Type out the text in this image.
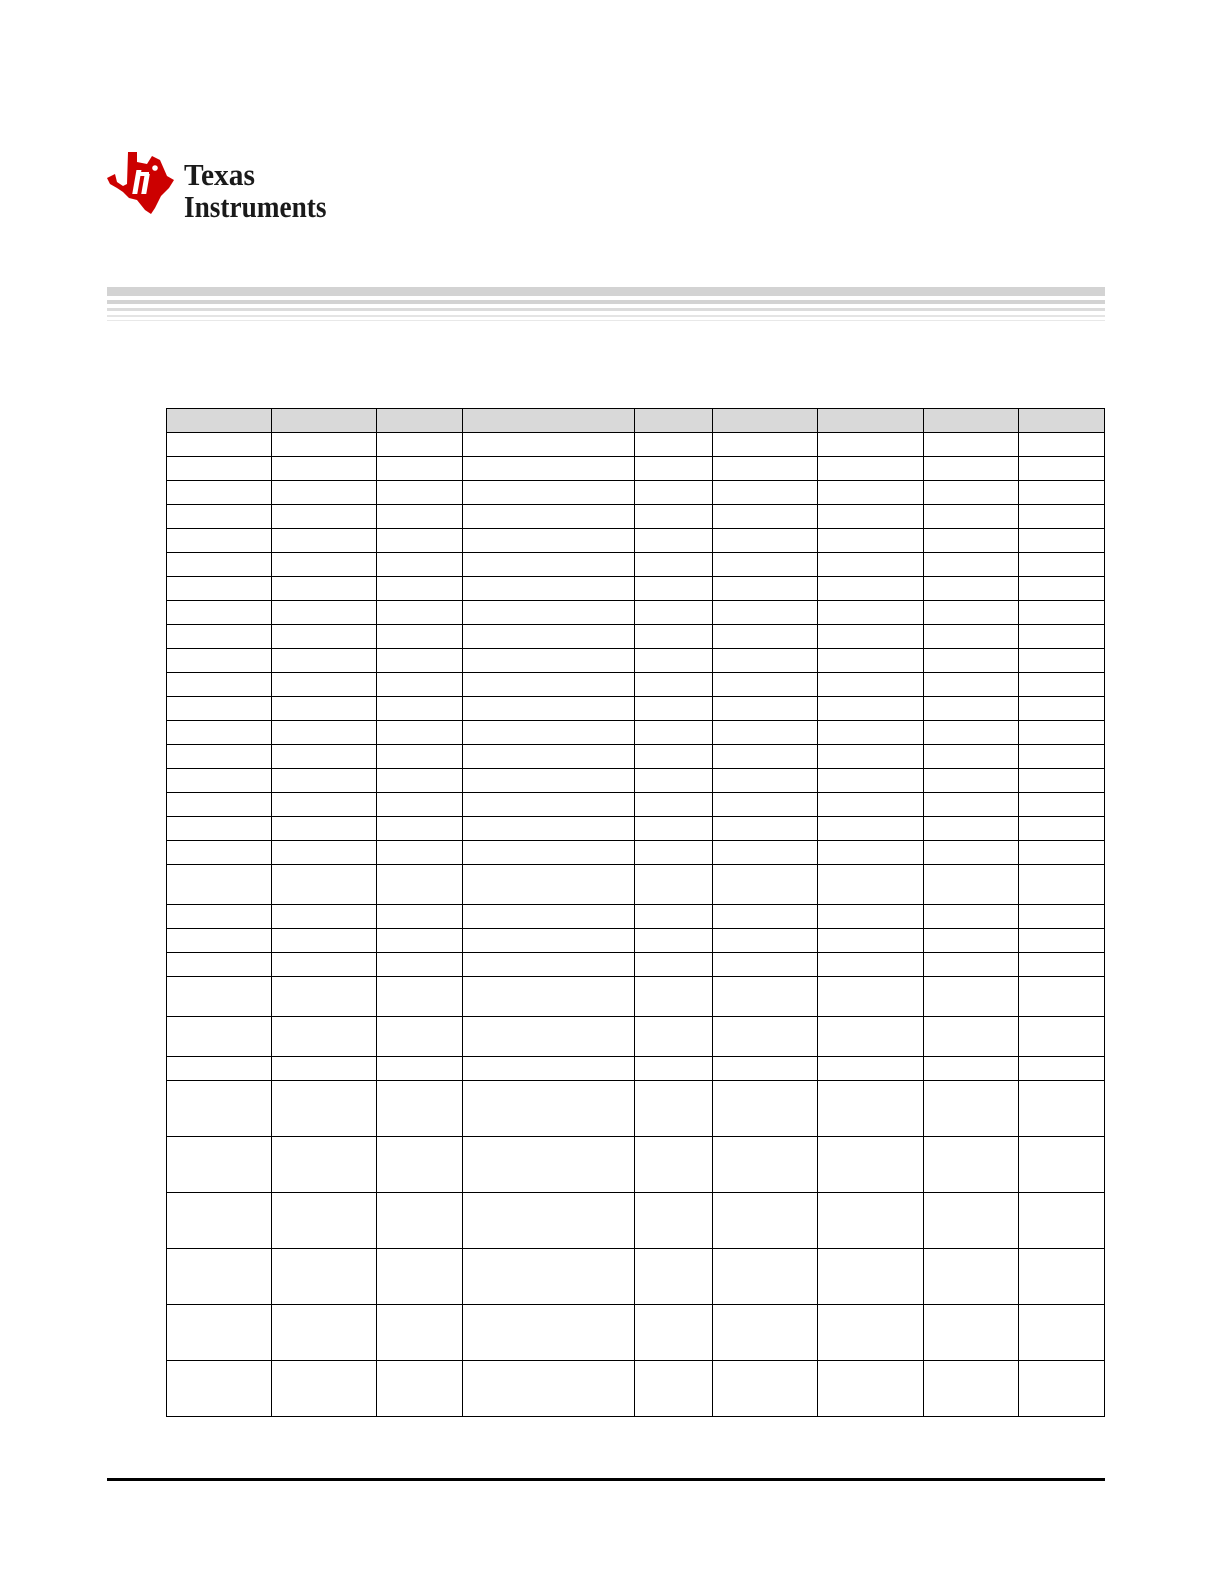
Texas
Instruments
